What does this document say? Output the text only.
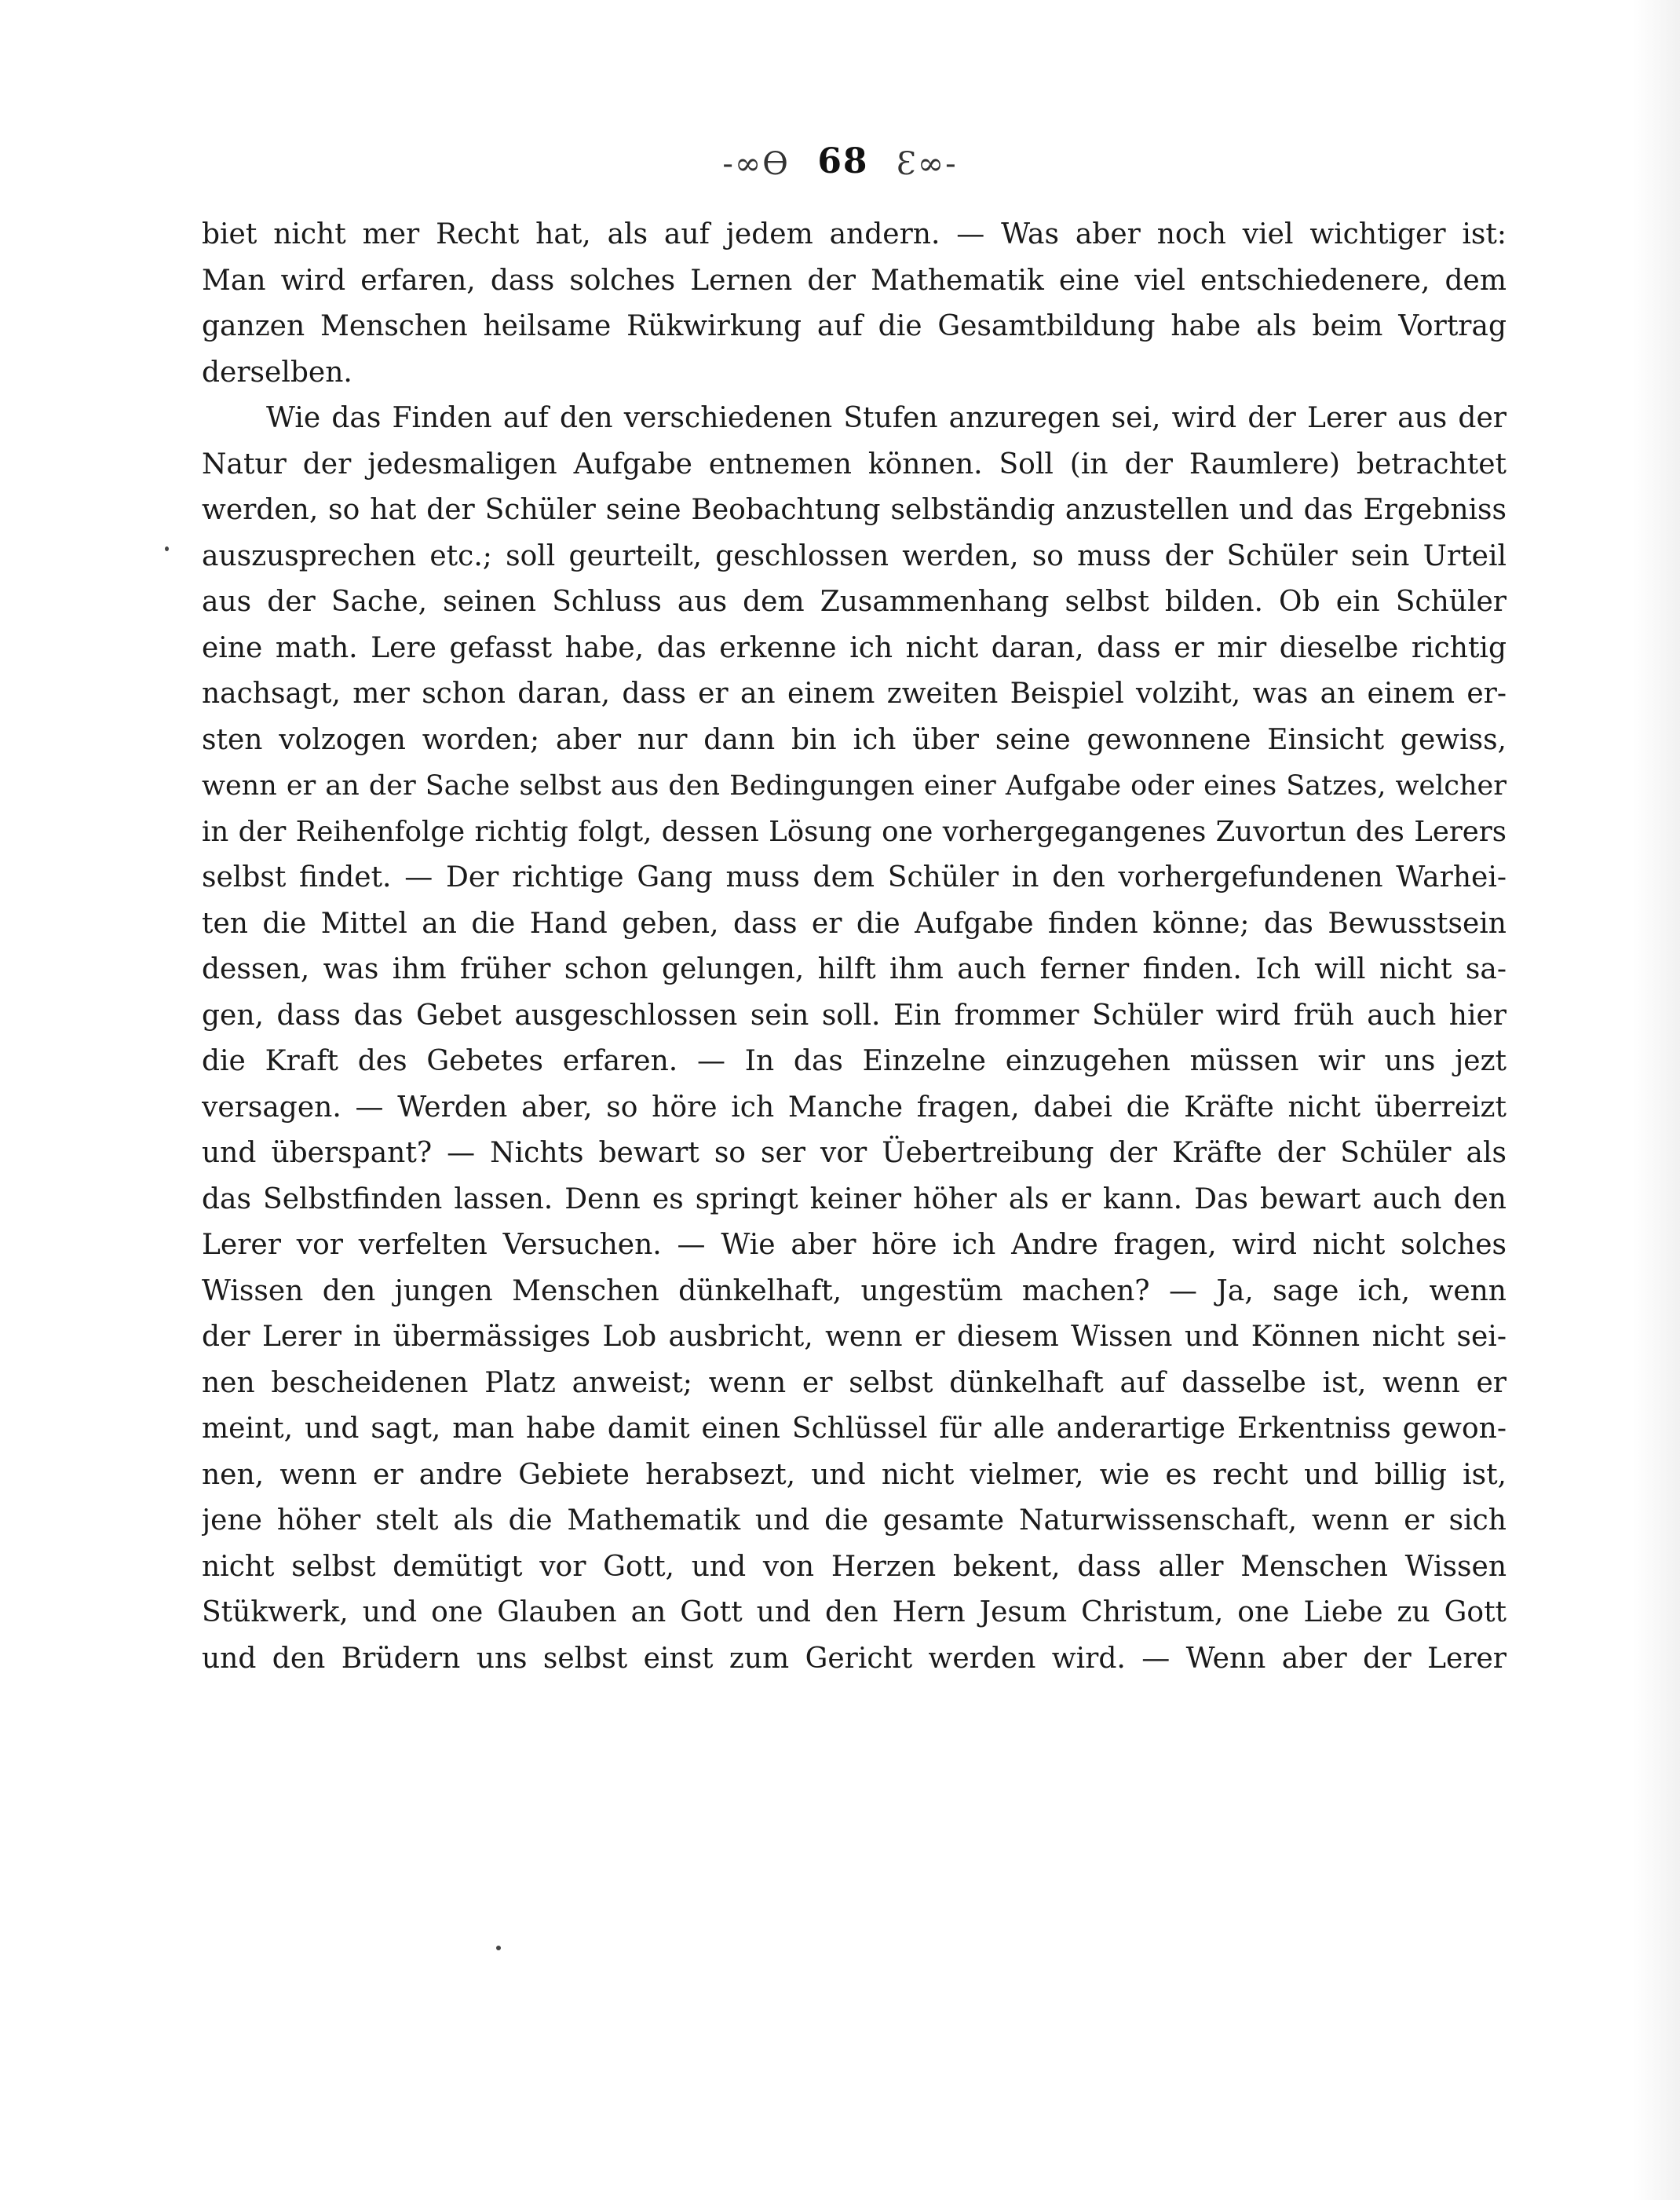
-∞Ѳ 68 Ɛ∞-
biet nicht mer Recht hat, als auf jedem andern. — Was aber noch viel wichtiger ist:
Man wird erfaren, dass solches Lernen der Mathematik eine viel entschiedenere, dem
ganzen Menschen heilsame Rükwirkung auf die Gesamtbildung habe als beim Vortrag
derselben.
Wie das Finden auf den verschiedenen Stufen anzuregen sei, wird der Lerer aus der
Natur der jedesmaligen Aufgabe entnemen können. Soll (in der Raumlere) betrachtet
werden, so hat der Schüler seine Beobachtung selbständig anzustellen und das Ergebniss
auszusprechen etc.; soll geurteilt, geschlossen werden, so muss der Schüler sein Urteil
aus der Sache, seinen Schluss aus dem Zusammenhang selbst bilden. Ob ein Schüler
eine math. Lere gefasst habe, das erkenne ich nicht daran, dass er mir dieselbe richtig
nachsagt, mer schon daran, dass er an einem zweiten Beispiel volziht, was an einem er-
sten volzogen worden; aber nur dann bin ich über seine gewonnene Einsicht gewiss,
wenn er an der Sache selbst aus den Bedingungen einer Aufgabe oder eines Satzes, welcher
in der Reihenfolge richtig folgt, dessen Lösung one vorhergegangenes Zuvortun des Lerers
selbst findet. — Der richtige Gang muss dem Schüler in den vorhergefundenen Warhei-
ten die Mittel an die Hand geben, dass er die Aufgabe finden könne; das Bewusstsein
dessen, was ihm früher schon gelungen, hilft ihm auch ferner finden. Ich will nicht sa-
gen, dass das Gebet ausgeschlossen sein soll. Ein frommer Schüler wird früh auch hier
die Kraft des Gebetes erfaren. — In das Einzelne einzugehen müssen wir uns jezt
versagen. — Werden aber, so höre ich Manche fragen, dabei die Kräfte nicht überreizt
und überspant? — Nichts bewart so ser vor Üebertreibung der Kräfte der Schüler als
das Selbstfinden lassen. Denn es springt keiner höher als er kann. Das bewart auch den
Lerer vor verfelten Versuchen. — Wie aber höre ich Andre fragen, wird nicht solches
Wissen den jungen Menschen dünkelhaft, ungestüm machen? — Ja, sage ich, wenn
der Lerer in übermässiges Lob ausbricht, wenn er diesem Wissen und Können nicht sei-
nen bescheidenen Platz anweist; wenn er selbst dünkelhaft auf dasselbe ist, wenn er
meint, und sagt, man habe damit einen Schlüssel für alle anderartige Erkentniss gewon-
nen, wenn er andre Gebiete herabsezt, und nicht vielmer, wie es recht und billig ist,
jene höher stelt als die Mathematik und die gesamte Naturwissenschaft, wenn er sich
nicht selbst demütigt vor Gott, und von Herzen bekent, dass aller Menschen Wissen
Stükwerk, und one Glauben an Gott und den Hern Jesum Christum, one Liebe zu Gott
und den Brüdern uns selbst einst zum Gericht werden wird. — Wenn aber der Lerer
